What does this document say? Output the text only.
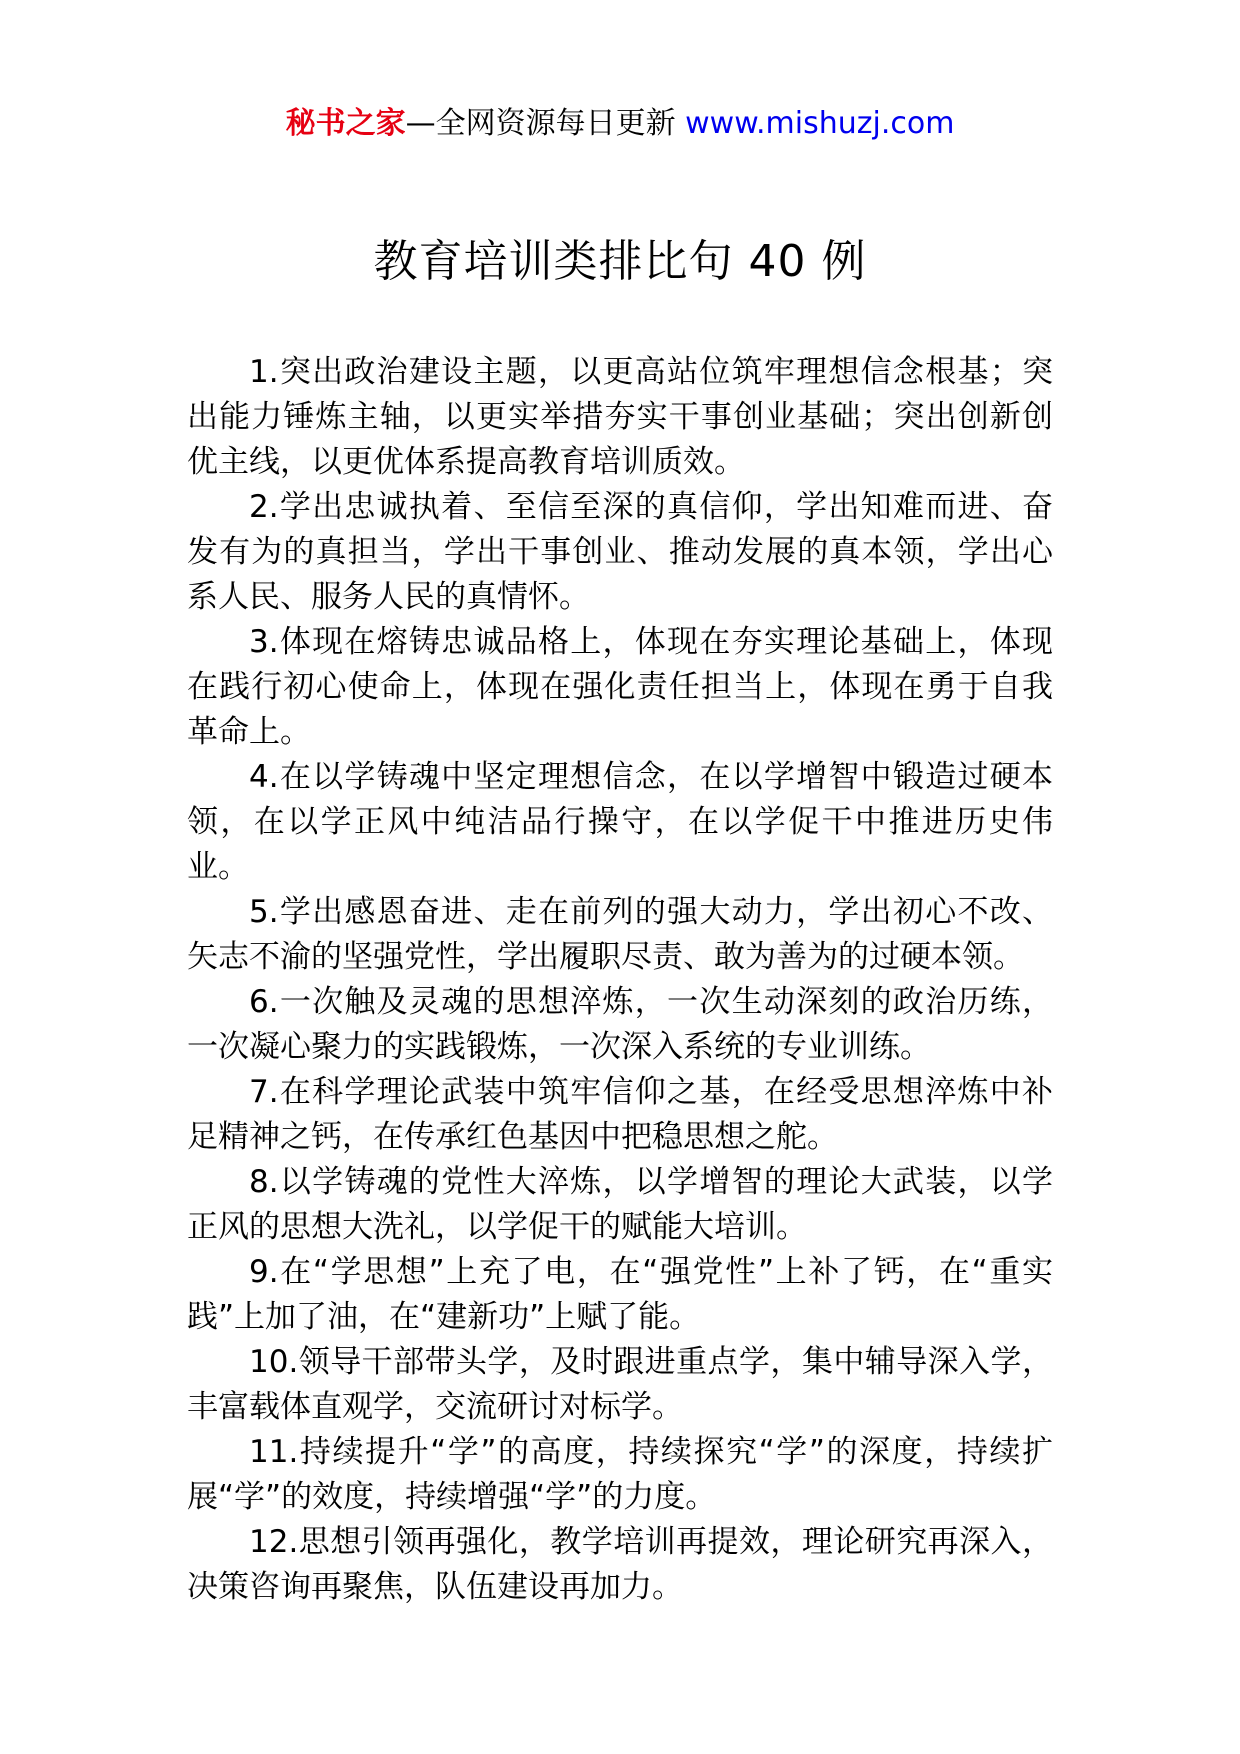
秘书之家—全网资源每日更新 www.mishuzj.com
教育培训类排比句 40 例

1.突出政治建设主题，以更高站位筑牢理想信念根基；突出能力锤炼主轴，以更实举措夯实干事创业基础；突出创新创优主线，以更优体系提高教育培训质效。

2.学出忠诚执着、至信至深的真信仰，学出知难而进、奋发有为的真担当，学出干事创业、推动发展的真本领，学出心系人民、服务人民的真情怀。

3.体现在熔铸忠诚品格上，体现在夯实理论基础上，体现在践行初心使命上，体现在强化责任担当上，体现在勇于自我革命上。

4.在以学铸魂中坚定理想信念，在以学增智中锻造过硬本领，在以学正风中纯洁品行操守，在以学促干中推进历史伟业。

5.学出感恩奋进、走在前列的强大动力，学出初心不改、矢志不渝的坚强党性，学出履职尽责、敢为善为的过硬本领。

6.一次触及灵魂的思想淬炼，一次生动深刻的政治历练，一次凝心聚力的实践锻炼，一次深入系统的专业训练。

7.在科学理论武装中筑牢信仰之基，在经受思想淬炼中补足精神之钙，在传承红色基因中把稳思想之舵。

8.以学铸魂的党性大淬炼，以学增智的理论大武装，以学正风的思想大洗礼，以学促干的赋能大培训。

9.在“学思想”上充了电，在“强党性”上补了钙，在“重实践”上加了油，在“建新功”上赋了能。

10.领导干部带头学，及时跟进重点学，集中辅导深入学，丰富载体直观学，交流研讨对标学。

11.持续提升“学”的高度，持续探究“学”的深度，持续扩展“学”的效度，持续增强“学”的力度。

12.思想引领再强化，教学培训再提效，理论研究再深入，决策咨询再聚焦，队伍建设再加力。
